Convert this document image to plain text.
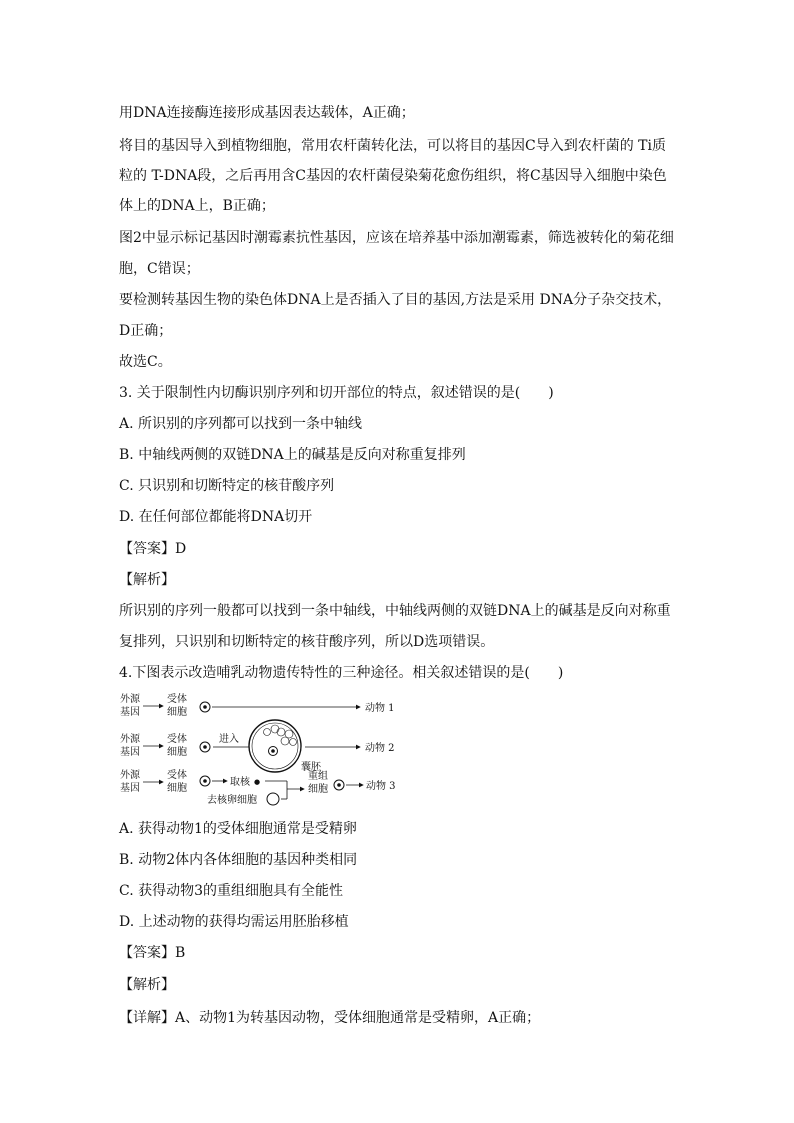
用DNA连接酶连接形成基因表达载体，A正确；
将目的基因导入到植物细胞，常用农杆菌转化法，可以将目的基因C导入到农杆菌的 Ti质
粒的 T-DNA段，之后再用含C基因的农杆菌侵染菊花愈伤组织，将C基因导入细胞中染色
体上的DNA上，B正确；
图2中显示标记基因时潮霉素抗性基因，应该在培养基中添加潮霉素，筛选被转化的菊花细
胞，C错误；
要检测转基因生物的染色体DNA上是否插入了目的基因,方法是采用 DNA分子杂交技术，
D正确；
故选C。
3. 关于限制性内切酶识别序列和切开部位的特点，叙述错误的是(　　)
A. 所识别的序列都可以找到一条中轴线
B. 中轴线两侧的双链DNA上的碱基是反向对称重复排列
C. 只识别和切断特定的核苷酸序列
D. 在任何部位都能将DNA切开
【答案】D
【解析】
所识别的序列一般都可以找到一条中轴线，中轴线两侧的双链DNA上的碱基是反向对称重
复排列，只识别和切断特定的核苷酸序列，所以D选项错误。
4.下图表示改造哺乳动物遗传特性的三种途径。相关叙述错误的是(　　)
外源
基因
受体
细胞	动物 1
外源
基因
受体
细胞
进入
囊胚
动物 2
外源
基因
受体
细胞
取核 ●
去核卵细胞
重组
细胞	动物 3
A. 获得动物1的受体细胞通常是受精卵
B. 动物2体内各体细胞的基因种类相同
C. 获得动物3的重组细胞具有全能性
D. 上述动物的获得均需运用胚胎移植
【答案】B
【解析】
【详解】A、动物1为转基因动物，受体细胞通常是受精卵，A正确；
